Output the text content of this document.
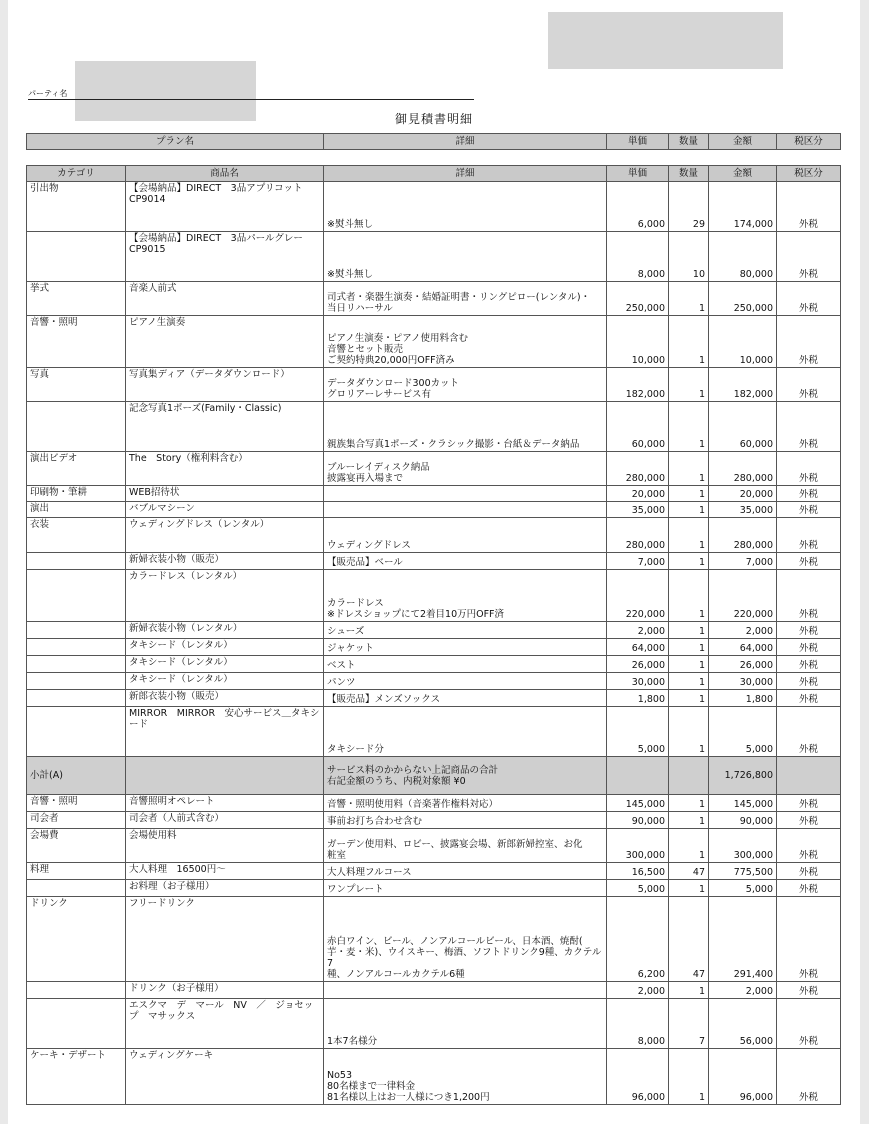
パーティ名
御見積書明細
プラン名	詳細	単価	数量	金額	税区分
カテゴリ	商品名	詳細	単価	数量	金額	税区分
引出物	【会場納品】DIRECT　3品アプリコットCP9014	※熨斗無し	6,000	29	174,000	外税
	【会場納品】DIRECT　3品パールグレーCP9015	※熨斗無し	8,000	10	80,000	外税
挙式	音楽人前式	司式者・楽器生演奏・結婚証明書・リングピロー(レンタル)・
当日リハーサル	250,000	1	250,000	外税
音響・照明	ピアノ生演奏	ピアノ生演奏・ピアノ使用料含む
音響とセット販売
ご契約特典20,000円OFF済み	10,000	1	10,000	外税
写真	写真集ディア（データダウンロード）	データダウンロード300カット
グロリアーレサービス有	182,000	1	182,000	外税
	記念写真1ポーズ(Family・Classic)	親族集合写真1ポーズ・クラシック撮影・台紙＆データ納品	60,000	1	60,000	外税
演出ビデオ	The　Story（権利料含む）	ブルーレイディスク納品
披露宴再入場まで	280,000	1	280,000	外税
印刷物・筆耕	WEB招待状		20,000	1	20,000	外税
演出	バブルマシーン		35,000	1	35,000	外税
衣装	ウェディングドレス（レンタル）	ウェディングドレス	280,000	1	280,000	外税
	新婦衣装小物（販売）	【販売品】ベール	7,000	1	7,000	外税
	カラードレス（レンタル）	カラードレス
※ドレスショップにて2着目10万円OFF済	220,000	1	220,000	外税
	新婦衣装小物（レンタル）	シューズ	2,000	1	2,000	外税
	タキシード（レンタル）	ジャケット	64,000	1	64,000	外税
	タキシード（レンタル）	ベスト	26,000	1	26,000	外税
	タキシード（レンタル）	パンツ	30,000	1	30,000	外税
	新郎衣装小物（販売）	【販売品】メンズソックス	1,800	1	1,800	外税
	MIRROR　MIRROR　安心サービス＿タキシード	タキシード分	5,000	1	5,000	外税
小計(A)		サービス料のかからない上記商品の合計
右記金額のうち、内税対象額 ¥0			1,726,800	
音響・照明	音響照明オペレート	音響・照明使用料（音楽著作権料対応）	145,000	1	145,000	外税
司会者	司会者（人前式含む）	事前お打ち合わせ含む	90,000	1	90,000	外税
会場費	会場使用料	ガーデン使用料、ロビー、披露宴会場、新郎新婦控室、お化
粧室	300,000	1	300,000	外税
料理	大人料理　16500円～	大人料理フルコース	16,500	47	775,500	外税
	お料理（お子様用）	ワンプレート	5,000	1	5,000	外税
ドリンク	フリードリンク	赤白ワイン、ビール、ノンアルコールビール、日本酒、焼酎(
芋・麦・米)、ウイスキー、梅酒、ソフトドリンク9種、カクテル7
種、ノンアルコールカクテル6種	6,200	47	291,400	外税
	ドリンク（お子様用）		2,000	1	2,000	外税
	エスクマ　デ　マール　NV　／　ジョセップ　マサックス	1本7名様分	8,000	7	56,000	外税
ケーキ・デザート	ウェディングケーキ	No53
80名様まで一律料金
81名様以上はお一人様につき1,200円	96,000	1	96,000	外税
